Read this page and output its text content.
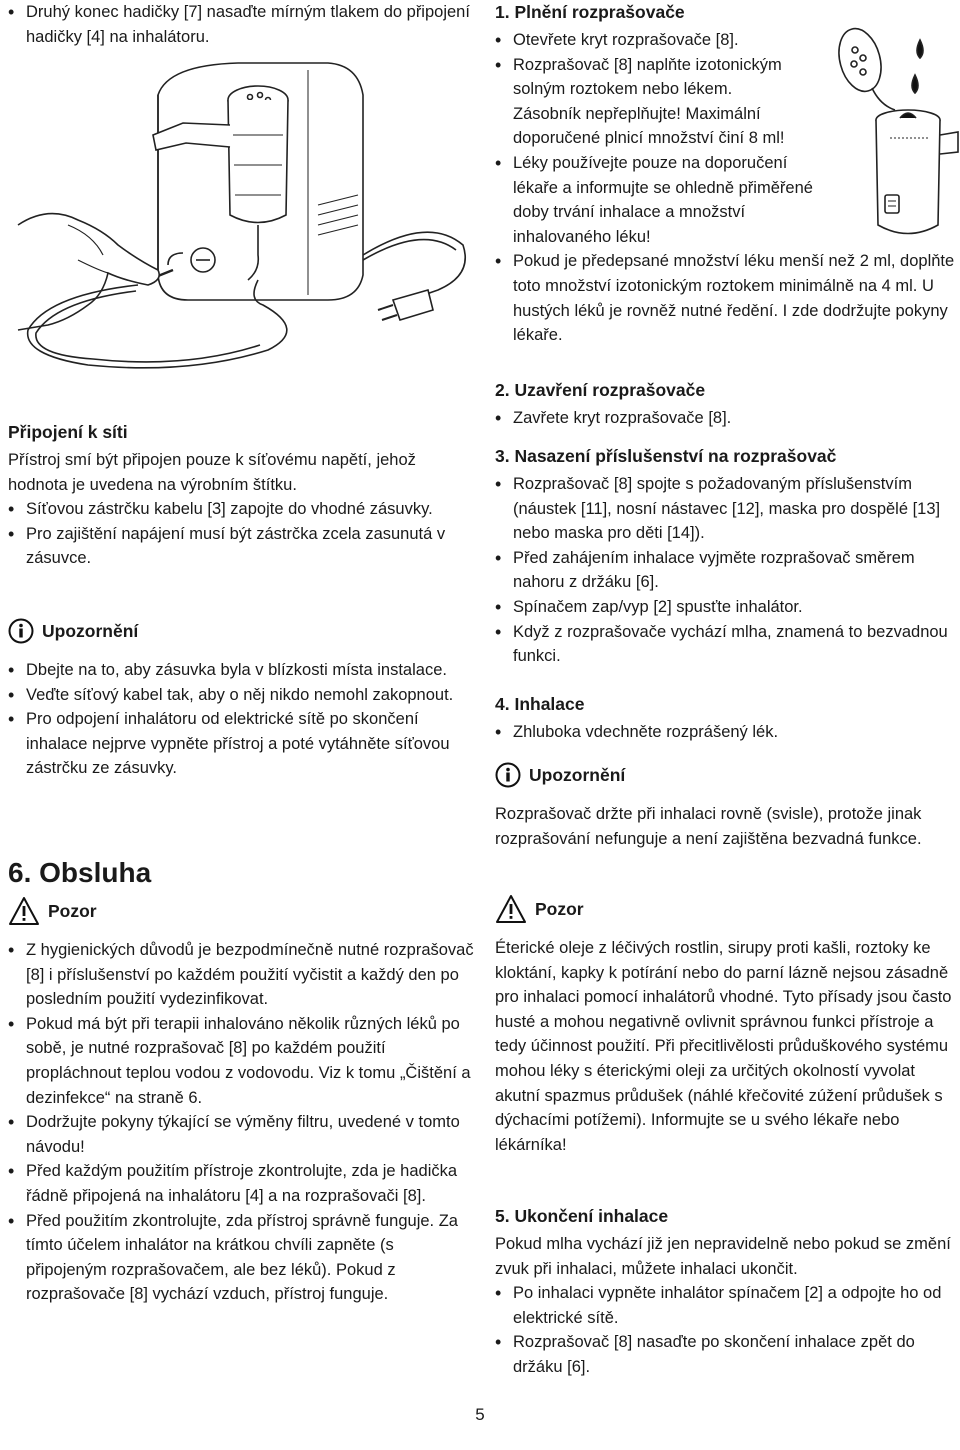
• Druhý konec hadičky [7] nasaďte mírným tlakem do připojení hadičky [4] na inhalátoru.

Připojení k síti

Přístroj smí být připojen pouze k síťovému napětí, jehož hodnota je uvedena na výrobním štítku.

• Síťovou zástrčku kabelu [3] zapojte do vhodné zásuvky.

• Pro zajištění napájení musí být zástrčka zcela zasunutá v zásuvce.

Upozornění

• Dbejte na to, aby zásuvka byla v blízkosti místa instalace.

• Veďte síťový kabel tak, aby o něj nikdo nemohl zakopnout.

• Pro odpojení inhalátoru od elektrické sítě po skončení inhalace nejprve vypněte přístroj a poté vytáhněte síťovou zástrčku ze zásuvky.

6. Obsluha

Pozor

• Z hygienických důvodů je bezpodmínečně nutné rozprašovač [8] i příslušenství po každém použití vyčistit a každý den po posledním použití vydezinfikovat.

• Pokud má být při terapii inhalováno několik různých léků po sobě, je nutné rozprašovač [8] po každém použití propláchnout teplou vodou z vodovodu. Viz k tomu „Čištění a dezinfekce“ na straně 6.

• Dodržujte pokyny týkající se výměny filtru, uvedené v tomto návodu!

• Před každým použitím přístroje zkontrolujte, zda je hadička řádně připojená na inhalátoru [4] a na rozprašovači [8].

• Před použitím zkontrolujte, zda přístroj správně funguje. Za tímto účelem inhalátor na krátkou chvíli zapněte (s připojeným rozprašovačem, ale bez léků). Pokud z rozprašovače [8] vychází vzduch, přístroj funguje.

1. Plnění rozprašovače

• Otevřete kryt rozprašovače [8].

• Rozprašovač [8] naplňte izotonickým solným roztokem nebo lékem. Zásobník nepřeplňujte! Maximální doporučené plnicí množství činí 8 ml!

• Léky používejte pouze na doporučení lékaře a informujte se ohledně přiměřené doby trvání inhalace a množství inhalovaného léku!

• Pokud je předepsané množství léku menší než 2 ml, doplňte toto množství izotonickým roztokem minimálně na 4 ml. U hustých léků je rovněž nutné ředění. I zde dodržujte pokyny lékaře.

2. Uzavření rozprašovače

• Zavřete kryt rozprašovače [8].

3. Nasazení příslušenství na rozprašovač

• Rozprašovač [8] spojte s požadovaným příslušenstvím (náustek [11], nosní nástavec [12], maska pro dospělé [13] nebo maska pro děti [14]).

• Před zahájením inhalace vyjměte rozprašovač směrem nahoru z držáku [6].

• Spínačem zap/vyp [2] spusťte inhalátor.

• Když z rozprašovače vychází mlha, znamená to bezvadnou funkci.

4. Inhalace

• Zhluboka vdechněte rozprášený lék.

Upozornění

Rozprašovač držte při inhalaci rovně (svisle), protože jinak rozprašování nefunguje a není zajištěna bezvadná funkce.

Pozor

Éterické oleje z léčivých rostlin, sirupy proti kašli, roztoky ke kloktání, kapky k potírání nebo do parní lázně nejsou zásadně pro inhalaci pomocí inhalátorů vhodné. Tyto přísady jsou často husté a mohou negativně ovlivnit správnou funkci přístroje a tedy účinnost použití. Při přecitlivělosti průduškového systému mohou léky s éterickými oleji za určitých okolností vyvolat akutní spazmus průdušek (náhlé křečovité zúžení průdušek s dýchacími potížemi). Informujte se u svého lékaře nebo lékárníka!

5. Ukončení inhalace

Pokud mlha vychází již jen nepravidelně nebo pokud se změní zvuk při inhalaci, můžete inhalaci ukončit.

• Po inhalaci vypněte inhalátor spínačem [2] a odpojte ho od elektrické sítě.

• Rozprašovač [8] nasaďte po skončení inhalace zpět do držáku [6].

5
